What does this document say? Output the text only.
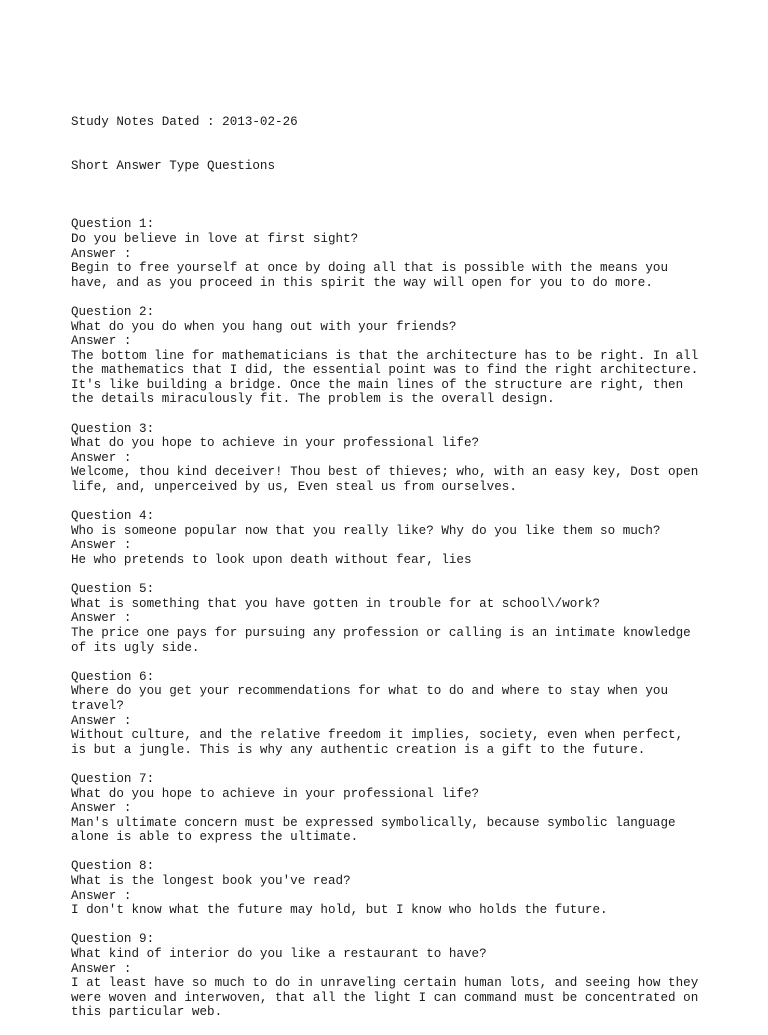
Study Notes Dated : 2013-02-26

Short Answer Type Questions

Question 1:
Do you believe in love at first sight?
Answer :
Begin to free yourself at once by doing all that is possible with the means you
have, and as you proceed in this spirit the way will open for you to do more.
Question 2:
What do you do when you hang out with your friends?
Answer :
The bottom line for mathematicians is that the architecture has to be right. In all
the mathematics that I did, the essential point was to find the right architecture.
It's like building a bridge. Once the main lines of the structure are right, then
the details miraculously fit. The problem is the overall design.
Question 3:
What do you hope to achieve in your professional life?
Answer :
Welcome, thou kind deceiver! Thou best of thieves; who, with an easy key, Dost open
life, and, unperceived by us, Even steal us from ourselves.
Question 4:
Who is someone popular now that you really like? Why do you like them so much?
Answer :
He who pretends to look upon death without fear, lies
Question 5:
What is something that you have gotten in trouble for at school\/work?
Answer :
The price one pays for pursuing any profession or calling is an intimate knowledge
of its ugly side.
Question 6:
Where do you get your recommendations for what to do and where to stay when you
travel?
Answer :
Without culture, and the relative freedom it implies, society, even when perfect,
is but a jungle. This is why any authentic creation is a gift to the future.
Question 7:
What do you hope to achieve in your professional life?
Answer :
Man's ultimate concern must be expressed symbolically, because symbolic language
alone is able to express the ultimate.
Question 8:
What is the longest book you've read?
Answer :
I don't know what the future may hold, but I know who holds the future.
Question 9:
What kind of interior do you like a restaurant to have?
Answer :
I at least have so much to do in unraveling certain human lots, and seeing how they
were woven and interwoven, that all the light I can command must be concentrated on
this particular web.
